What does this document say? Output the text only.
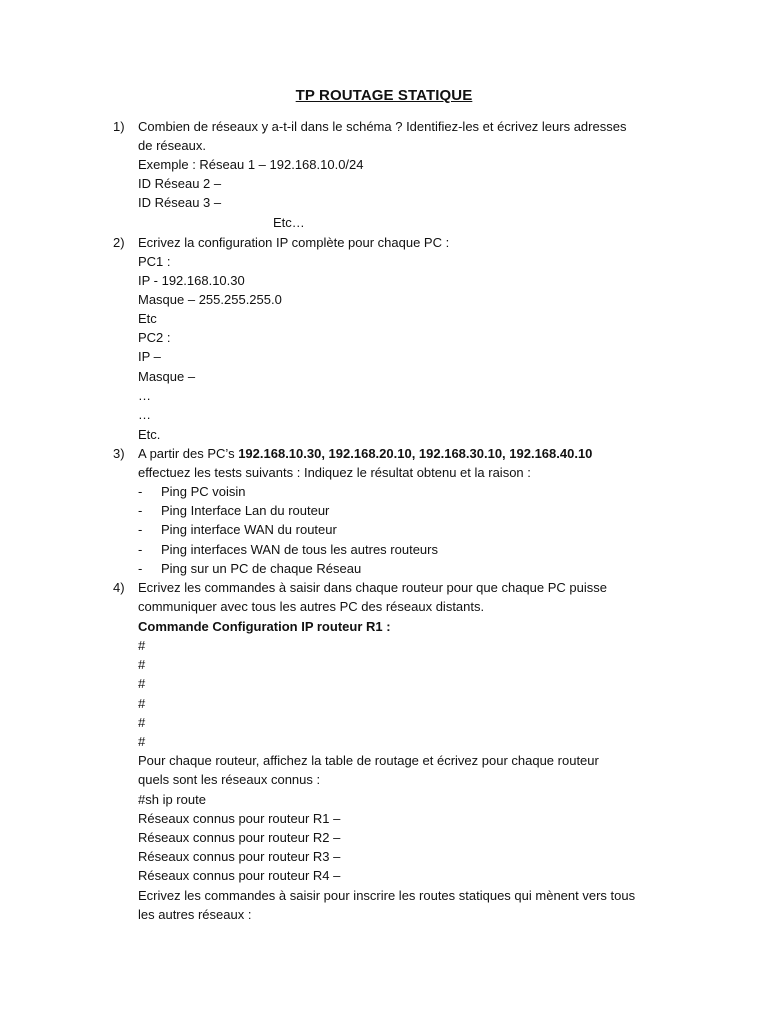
TP ROUTAGE STATIQUE
1) Combien de réseaux y a-t-il dans le schéma ? Identifiez-les et écrivez leurs adresses
de réseaux.
Exemple : Réseau 1 – 192.168.10.0/24
ID Réseau 2 –
ID Réseau 3 –
Etc…
2) Ecrivez la configuration IP complète pour chaque PC :
PC1 :
IP - 192.168.10.30
Masque – 255.255.255.0
Etc
PC2 :
IP –
Masque –
…
…
Etc.
3) A partir des PC’s 192.168.10.30, 192.168.20.10, 192.168.30.10, 192.168.40.10
effectuez les tests suivants : Indiquez le résultat obtenu et la raison :
- Ping PC voisin
- Ping Interface Lan du routeur
- Ping interface WAN du routeur
- Ping interfaces WAN de tous les autres routeurs
- Ping sur un PC de chaque Réseau
4) Ecrivez les commandes à saisir dans chaque routeur pour que chaque PC puisse
communiquer avec tous les autres PC des réseaux distants.
Commande Configuration IP routeur R1 :
#
#
#
#
#
#
Pour chaque routeur, affichez la table de routage et écrivez pour chaque routeur
quels sont les réseaux connus :
#sh ip route
Réseaux connus pour routeur R1 –
Réseaux connus pour routeur R2 –
Réseaux connus pour routeur R3 –
Réseaux connus pour routeur R4 –
Ecrivez les commandes à saisir pour inscrire les routes statiques qui mènent vers tous
les autres réseaux :
